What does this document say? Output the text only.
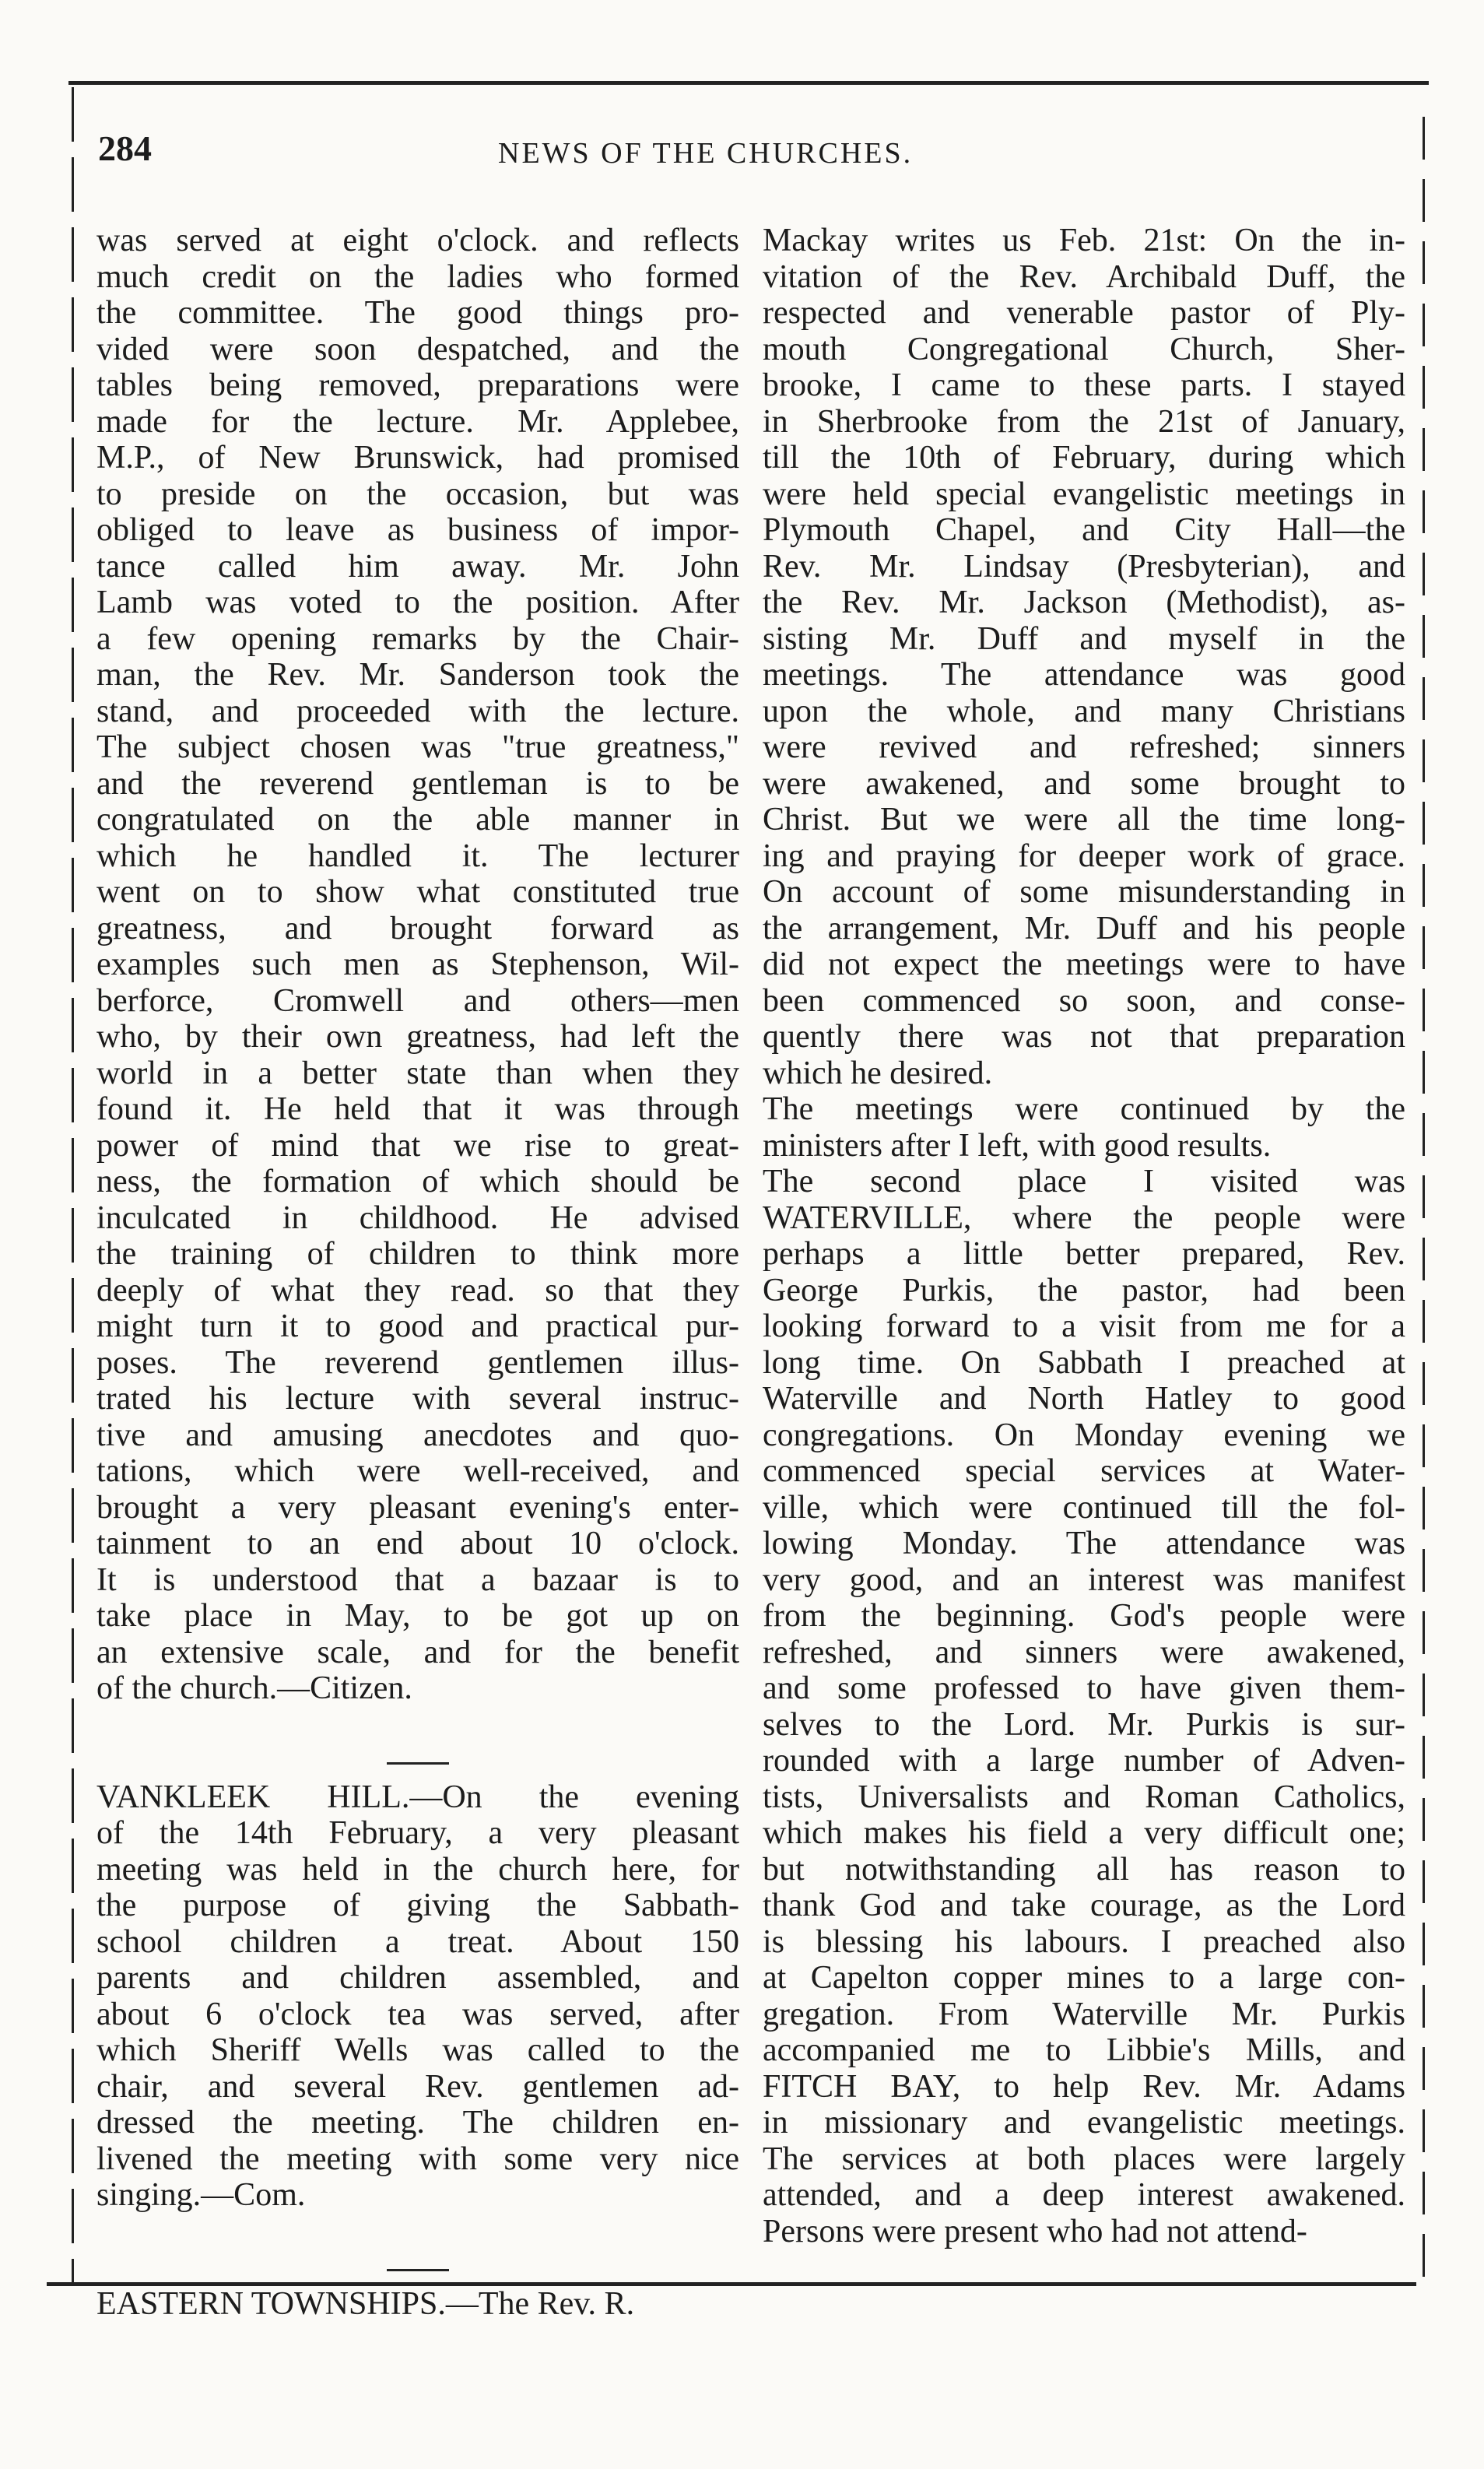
284	NEWS OF THE CHURCHES.
was served at eight o'clock. and reflects
much credit on the ladies who formed
the committee. The good things pro-
vided were soon despatched, and the
tables being removed, preparations were
made for the lecture. Mr. Applebee,
M.P., of New Brunswick, had promised
to preside on the occasion, but was
obliged to leave as business of impor-
tance called him away. Mr. John
Lamb was voted to the position. After
a few opening remarks by the Chair-
man, the Rev. Mr. Sanderson took the
stand, and proceeded with the lecture.
The subject chosen was "true greatness,"
and the reverend gentleman is to be
congratulated on the able manner in
which he handled it. The lecturer
went on to show what constituted true
greatness, and brought forward as
examples such men as Stephenson, Wil-
berforce, Cromwell and others—men
who, by their own greatness, had left the
world in a better state than when they
found it. He held that it was through
power of mind that we rise to great-
ness, the formation of which should be
inculcated in childhood. He advised
the training of children to think more
deeply of what they read. so that they
might turn it to good and practical pur-
poses. The reverend gentlemen illus-
trated his lecture with several instruc-
tive and amusing anecdotes and quo-
tations, which were well-received, and
brought a very pleasant evening's enter-
tainment to an end about 10 o'clock.
It is understood that a bazaar is to
take place in May, to be got up on
an extensive scale, and for the benefit
of the church.—Citizen.

VANKLEEK HILL.—On the evening
of the 14th February, a very pleasant
meeting was held in the church here, for
the purpose of giving the Sabbath-
school children a treat. About 150
parents and children assembled, and
about 6 o'clock tea was served, after
which Sheriff Wells was called to the
chair, and several Rev. gentlemen ad-
dressed the meeting. The children en-
livened the meeting with some very nice
singing.—Com.

EASTERN TOWNSHIPS.—The Rev. R.
Mackay writes us Feb. 21st: On the in-
vitation of the Rev. Archibald Duff, the
respected and venerable pastor of Ply-
mouth Congregational Church, Sher-
brooke, I came to these parts. I stayed
in Sherbrooke from the 21st of January,
till the 10th of February, during which
were held special evangelistic meetings in
Plymouth Chapel, and City Hall—the
Rev. Mr. Lindsay (Presbyterian), and
the Rev. Mr. Jackson (Methodist), as-
sisting Mr. Duff and myself in the
meetings. The attendance was good
upon the whole, and many Christians
were revived and refreshed; sinners
were awakened, and some brought to
Christ. But we were all the time long-
ing and praying for deeper work of grace.
On account of some misunderstanding in
the arrangement, Mr. Duff and his people
did not expect the meetings were to have
been commenced so soon, and conse-
quently there was not that preparation
which he desired.
The meetings were continued by the
ministers after I left, with good results.
The second place I visited was
WATERVILLE, where the people were
perhaps a little better prepared, Rev.
George Purkis, the pastor, had been
looking forward to a visit from me for a
long time. On Sabbath I preached at
Waterville and North Hatley to good
congregations. On Monday evening we
commenced special services at Water-
ville, which were continued till the fol-
lowing Monday. The attendance was
very good, and an interest was manifest
from the beginning. God's people were
refreshed, and sinners were awakened,
and some professed to have given them-
selves to the Lord. Mr. Purkis is sur-
rounded with a large number of Adven-
tists, Universalists and Roman Catholics,
which makes his field a very difficult one;
but notwithstanding all has reason to
thank God and take courage, as the Lord
is blessing his labours. I preached also
at Capelton copper mines to a large con-
gregation. From Waterville Mr. Purkis
accompanied me to Libbie's Mills, and
FITCH BAY, to help Rev. Mr. Adams
in missionary and evangelistic meetings.
The services at both places were largely
attended, and a deep interest awakened.
Persons were present who had not attend-
